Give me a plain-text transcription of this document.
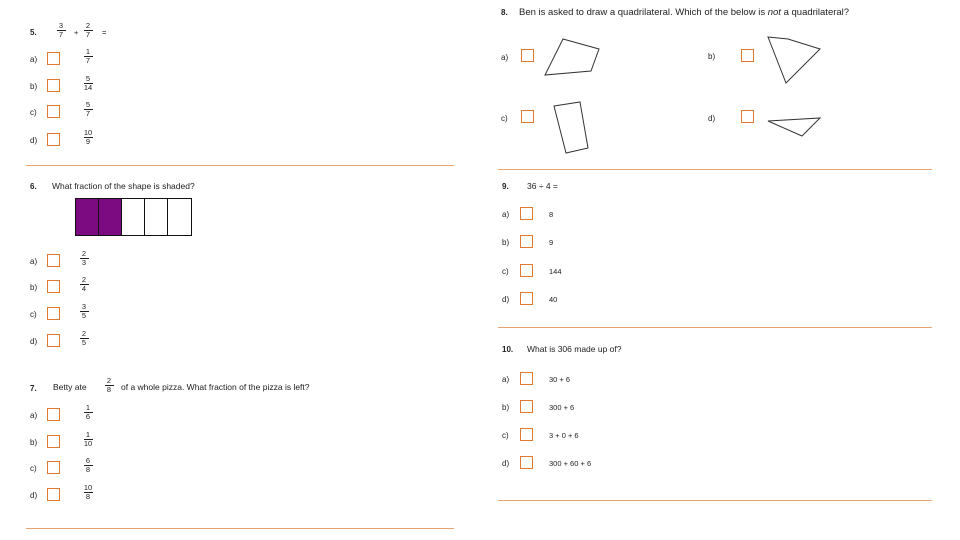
5.
3
7 +
2
7 =
a)
1
7
b)
5
14
c)
5
7
d)
10
9
6. What fraction of the shape is shaded?
a)
2
3
b)
2
4
c)
3
5
d)
2
5
7. Betty ate
2
8 of a whole pizza. What fraction of the pizza is left?
a)
1
6
b)
1
10
c)
6
8
d)
10
8
8. Ben is asked to draw a quadrilateral. Which of the below is not a quadrilateral?
a)	b)
c)	d)
9. 36 ÷ 4 =
a)	8
b)	9
c)	144
d)	40
10. What is 306 made up of?
a)	30 + 6
b)	300 + 6
c)	3 + 0 + 6
d)	300 + 60 + 6
